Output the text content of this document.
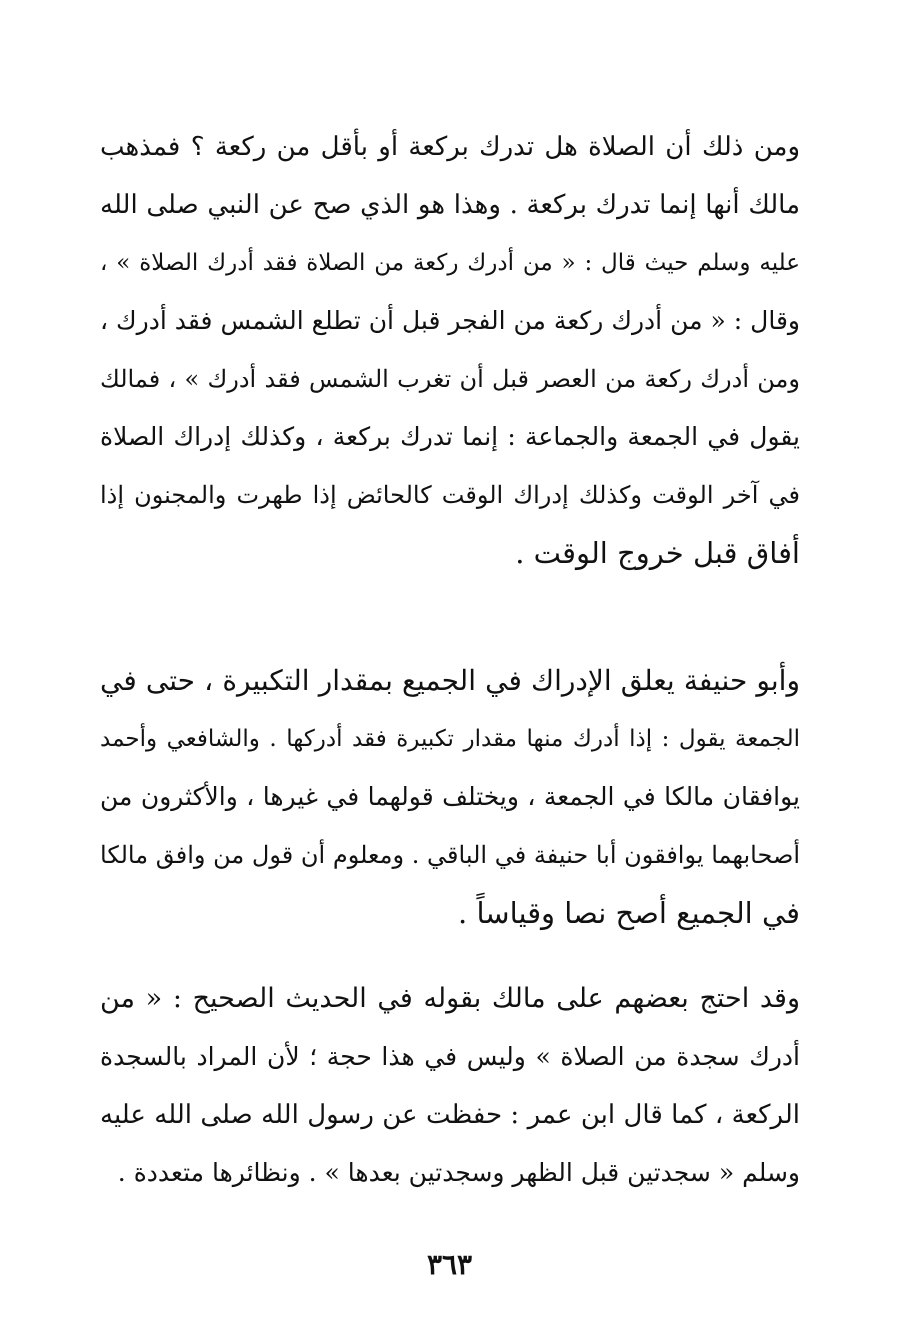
ومن ذلك أن الصلاة هل تدرك بركعة أو بأقل من ركعة ؟ فمذهب
مالك أنها إنما تدرك بركعة . وهذا هو الذي صح عن النبي صلى الله
عليه وسلم حيث قال : « من أدرك ركعة من الصلاة فقد أدرك الصلاة » ،
وقال : « من أدرك ركعة من الفجر قبل أن تطلع الشمس فقد أدرك ،
ومن أدرك ركعة من العصر قبل أن تغرب الشمس فقد أدرك » ، فمالك
يقول في الجمعة والجماعة : إنما تدرك بركعة ، وكذلك إدراك الصلاة
في آخر الوقت وكذلك إدراك الوقت كالحائض إذا طهرت والمجنون إذا
أفاق قبل خروج الوقت .
وأبو حنيفة يعلق الإدراك في الجميع بمقدار التكبيرة ، حتى في
الجمعة يقول : إذا أدرك منها مقدار تكبيرة فقد أدركها . والشافعي وأحمد
يوافقان مالكا في الجمعة ، ويختلف قولهما في غيرها ، والأكثرون من
أصحابهما يوافقون أبا حنيفة في الباقي . ومعلوم أن قول من وافق مالكا
في الجميع أصح نصا وقياساً .
وقد احتج بعضهم على مالك بقوله في الحديث الصحيح : « من
أدرك سجدة من الصلاة » وليس في هذا حجة ؛ لأن المراد بالسجدة
الركعة ، كما قال ابن عمر : حفظت عن رسول الله صلى الله عليه
وسلم « سجدتين قبل الظهر وسجدتين بعدها » . ونظائرها متعددة .
٣٦٣
